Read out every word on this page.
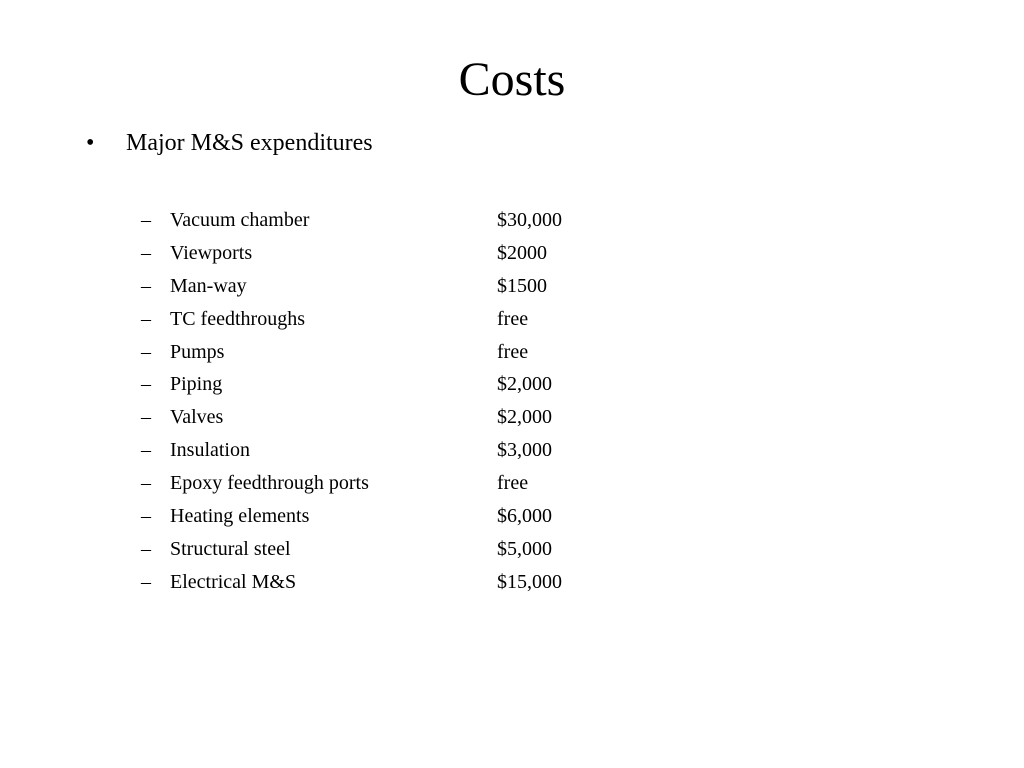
Costs
• Major M&S expenditures
– Vacuum chamber	$30,000
– Viewports	$2000
– Man-way	$1500
– TC feedthroughs	free
– Pumps	free
– Piping	$2,000
– Valves	$2,000
– Insulation	$3,000
– Epoxy feedthrough ports	free
– Heating elements	$6,000
– Structural steel	$5,000
– Electrical M&S	$15,000
